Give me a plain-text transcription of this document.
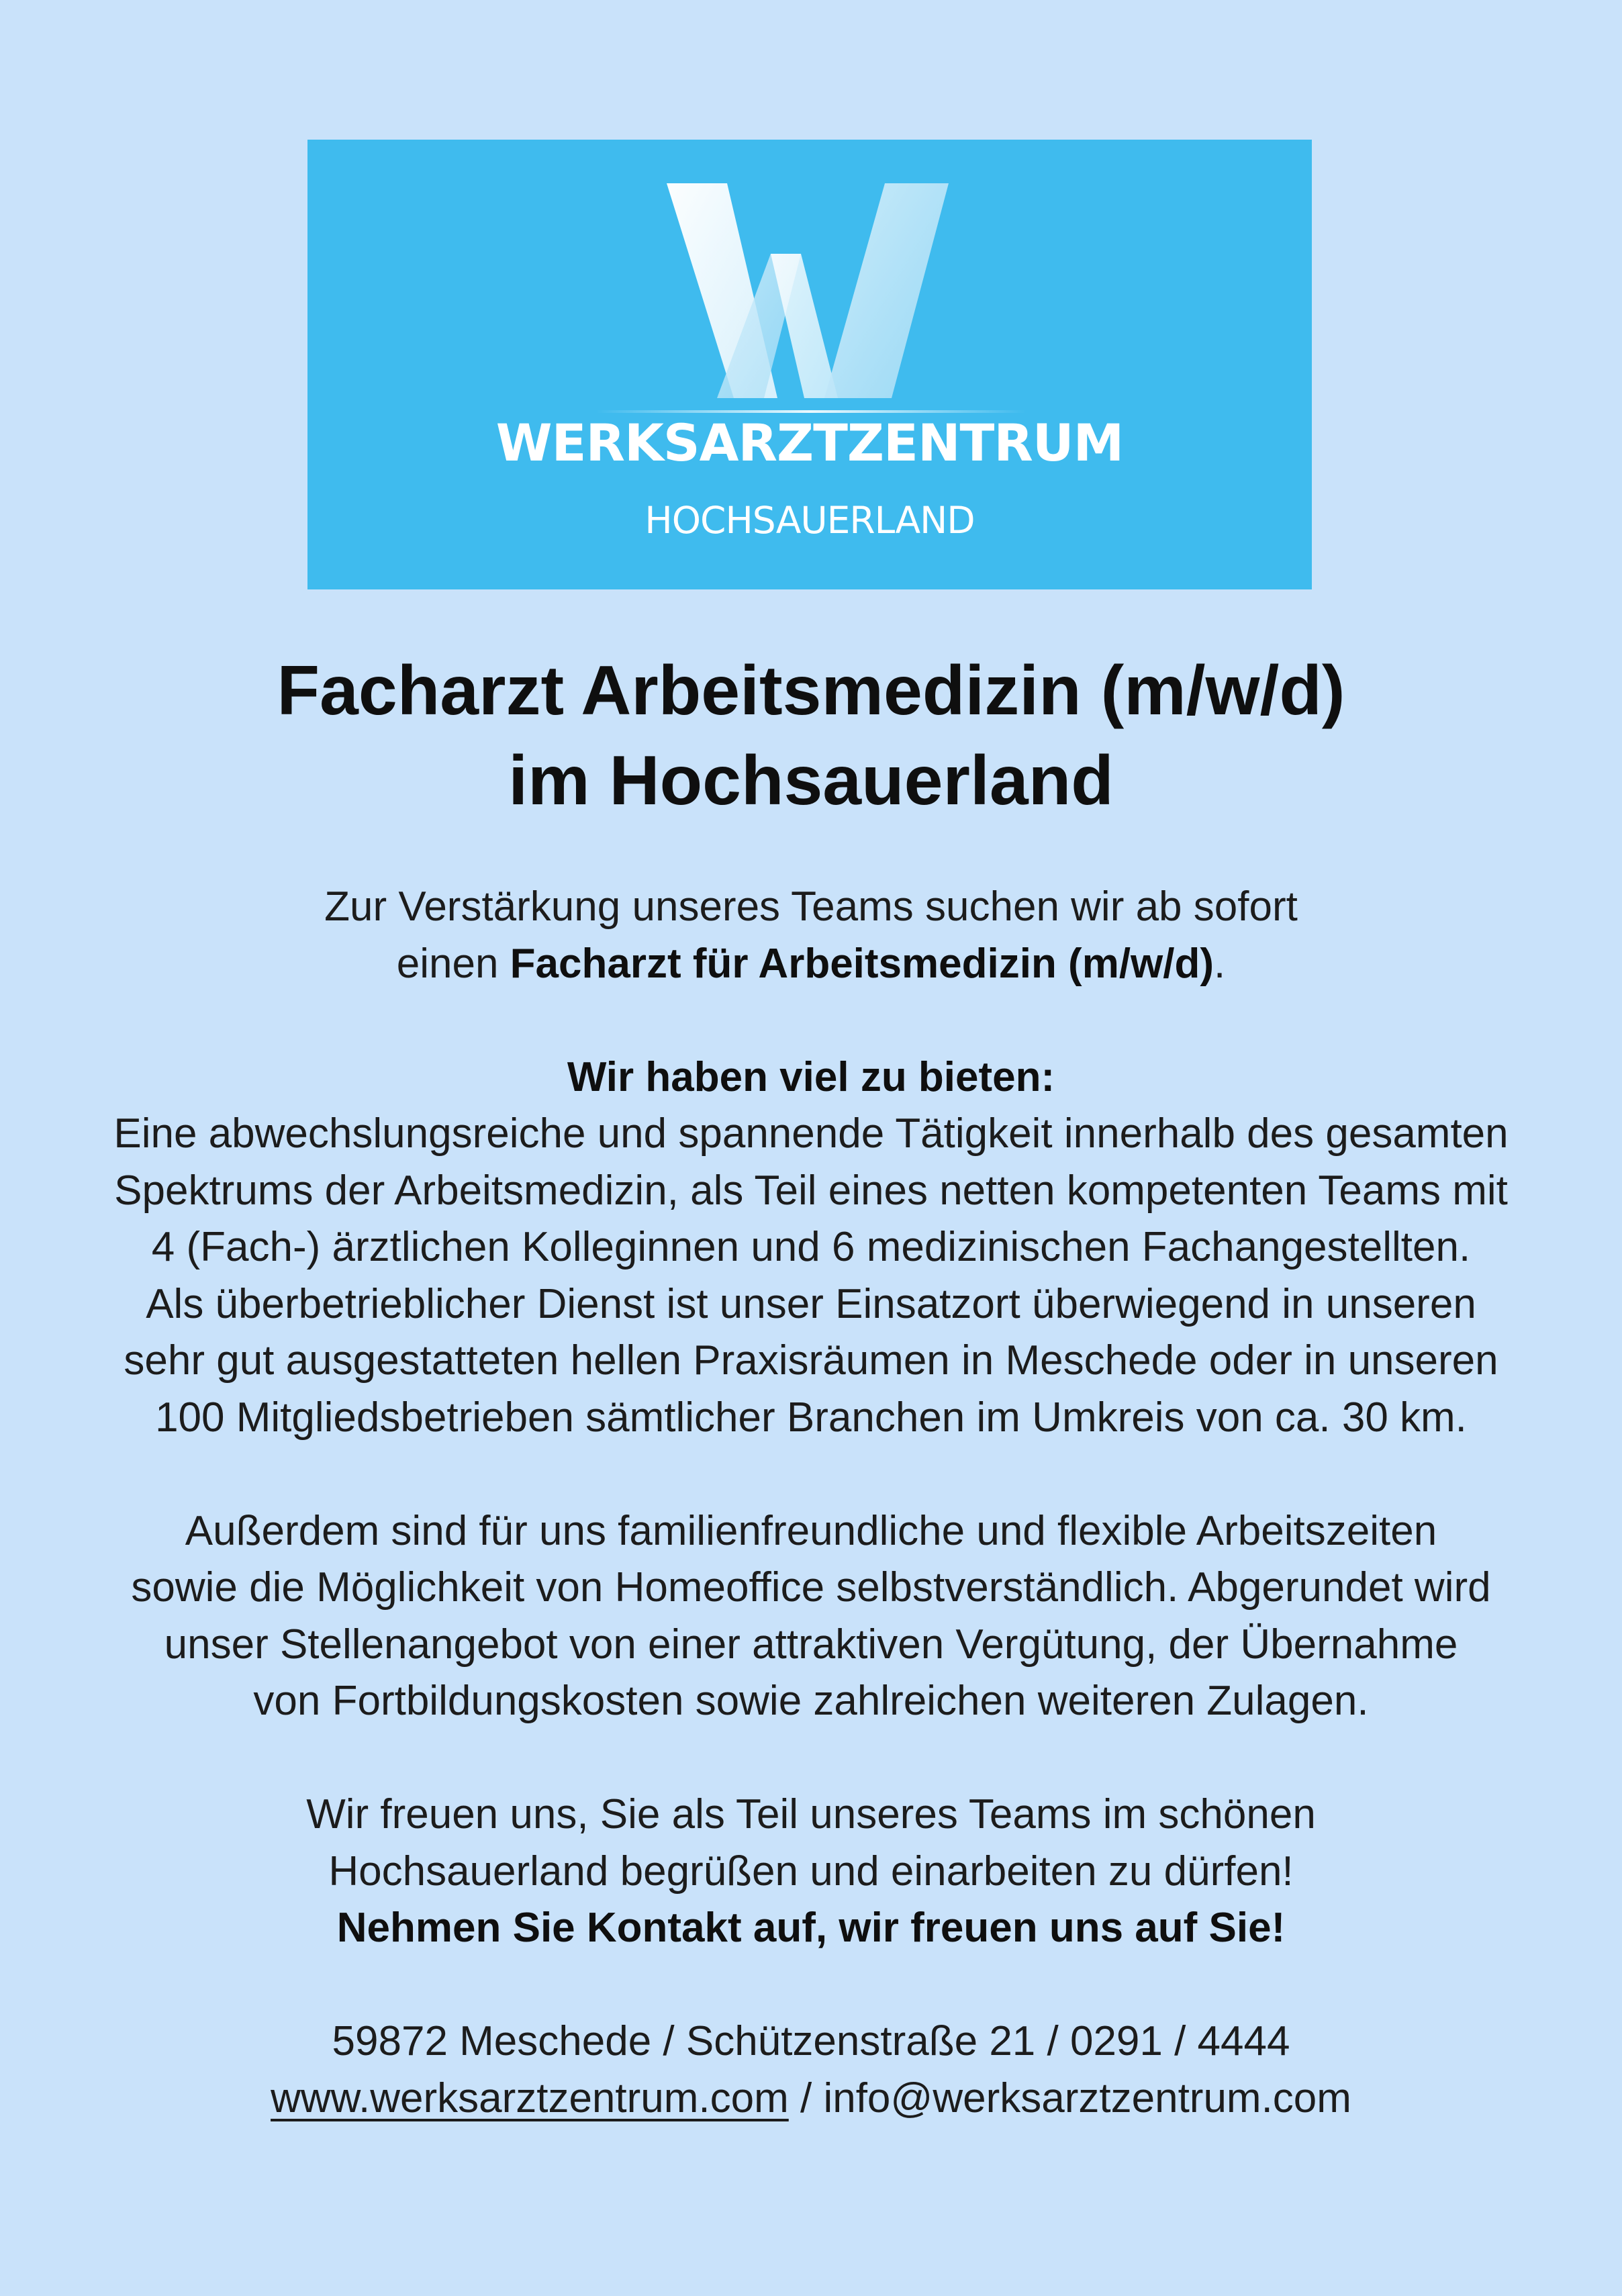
WERKSARZTZENTRUM
HOCHSAUERLAND
Facharzt Arbeitsmedizin (m/w/d)
im Hochsauerland
Zur Verstärkung unseres Teams suchen wir ab sofort
einen Facharzt für Arbeitsmedizin (m/w/d).
Wir haben viel zu bieten:
Eine abwechslungsreiche und spannende Tätigkeit innerhalb des gesamten
Spektrums der Arbeitsmedizin, als Teil eines netten kompetenten Teams mit
4 (Fach-) ärztlichen Kolleginnen und 6 medizinischen Fachangestellten.
Als überbetrieblicher Dienst ist unser Einsatzort überwiegend in unseren
sehr gut ausgestatteten hellen Praxisräumen in Meschede oder in unseren
100 Mitgliedsbetrieben sämtlicher Branchen im Umkreis von ca. 30 km.
Außerdem sind für uns familienfreundliche und flexible Arbeitszeiten
sowie die Möglichkeit von Homeoffice selbstverständlich. Abgerundet wird
unser Stellenangebot von einer attraktiven Vergütung, der Übernahme
von Fortbildungskosten sowie zahlreichen weiteren Zulagen.
Wir freuen uns, Sie als Teil unseres Teams im schönen
Hochsauerland begrüßen und einarbeiten zu dürfen!
Nehmen Sie Kontakt auf, wir freuen uns auf Sie!
59872 Meschede / Schützenstraße 21 / 0291 / 4444
www.werksarztzentrum.com / info@werksarztzentrum.com
